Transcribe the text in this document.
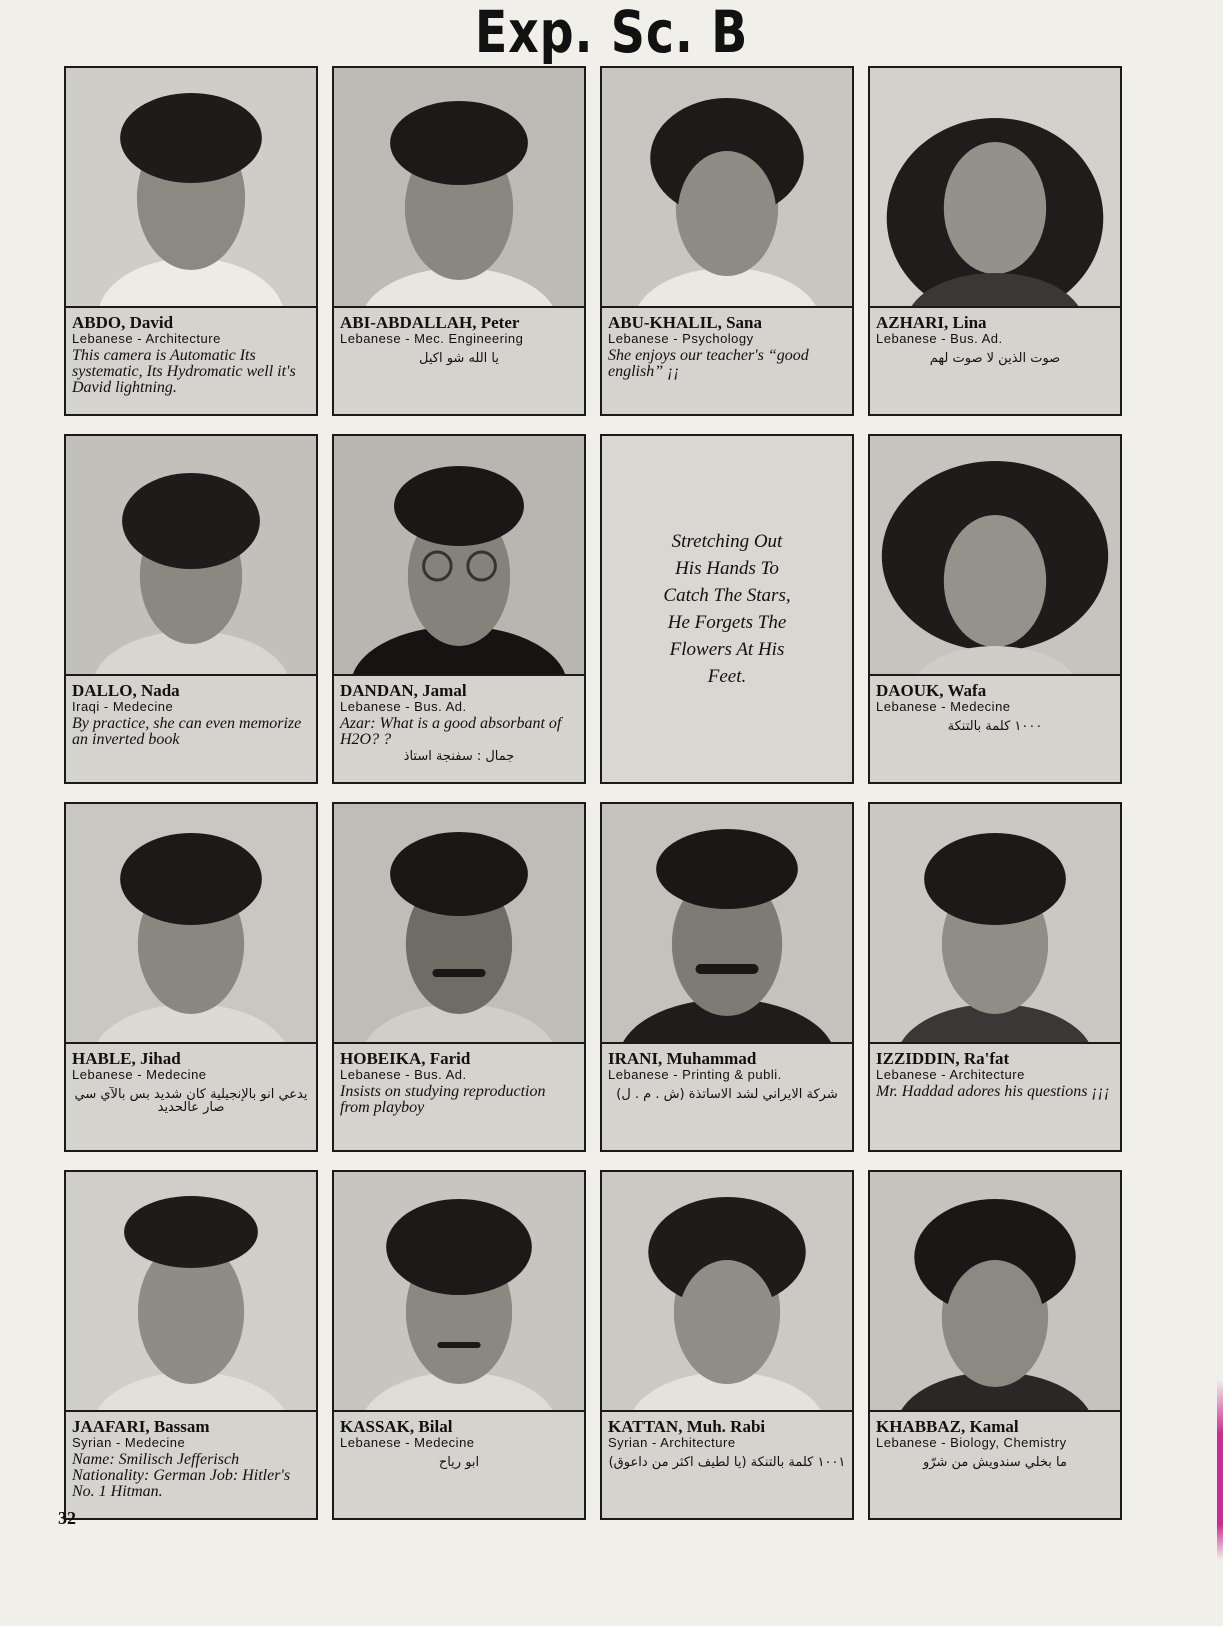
Exp. Sc. B
ABDO, David
Lebanese - Architecture
This camera is Automatic Its systematic, Its Hydromatic well it's David lightning.
ABI-ABDALLAH, Peter
Lebanese - Mec. Engineering
يا الله شو اكيل
ABU-KHALIL, Sana
Lebanese - Psychology
She enjoys our teacher's “good english” ¡¡
AZHARI, Lina
Lebanese - Bus. Ad.
صوت الذين لا صوت لهم
DALLO, Nada
Iraqi - Medecine
By practice, she can even memorize an inverted book
DANDAN, Jamal
Lebanese - Bus. Ad.
Azar: What is a good absorbant of H2O? ?
جمال : سفنجة استاذ
Stretching Out
His Hands To
Catch The Stars,
He Forgets The
Flowers At His
Feet.
DAOUK, Wafa
Lebanese - Medecine
١٠٠٠ كلمة بالتنكة
HABLE, Jihad
Lebanese - Medecine
يدعي انو بالإنجيلية كان شديد بس بالآي سي صار عالحديد
HOBEIKA, Farid
Lebanese - Bus. Ad.
Insists on studying reproduction from playboy
IRANI, Muhammad
Lebanese - Printing & publi.
شركة الايراني لشد الاساتذة (ش . م . ل)
IZZIDDIN, Ra'fat
Lebanese - Architecture
Mr. Haddad adores his questions ¡¡¡
JAAFARI, Bassam
Syrian - Medecine
Name: Smilisch Jefferisch Nationality: German Job: Hitler's No. 1 Hitman.
KASSAK, Bilal
Lebanese - Medecine
ابو رياح
KATTAN, Muh. Rabi
Syrian - Architecture
١٠٠١ كلمة بالتنكة (يا لطيف اكثر من داعوق)
KHABBAZ, Kamal
Lebanese - Biology, Chemistry
ما بخلي سندويش من شرّو
32
